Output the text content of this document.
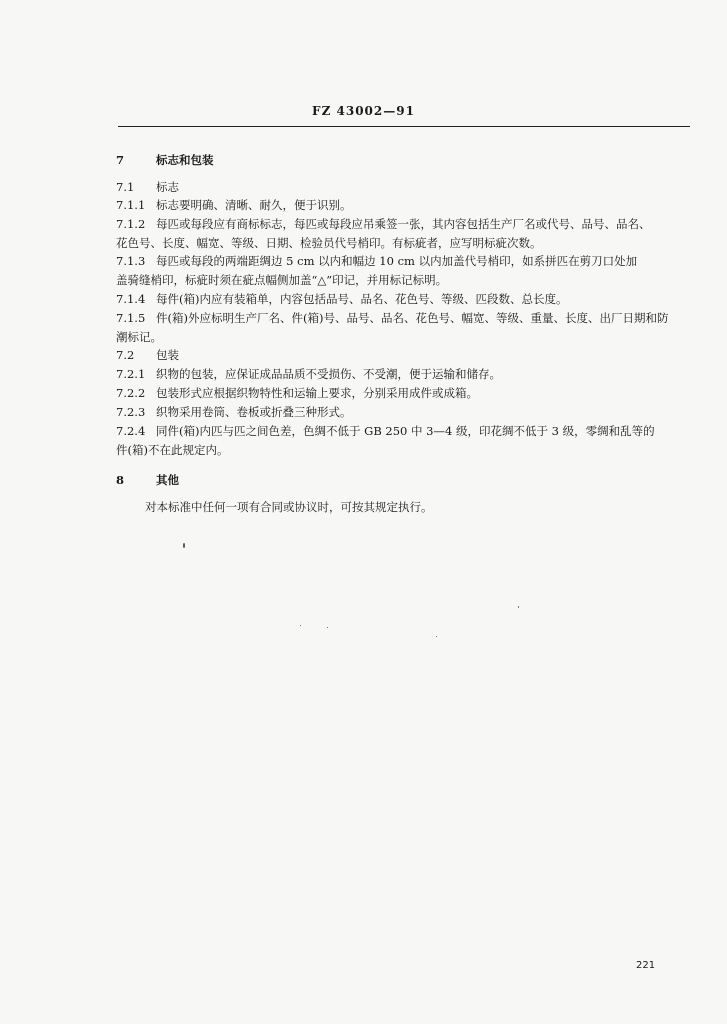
FZ 43002—91
7	标志和包装
7.1 标志
7.1.1 标志要明确、清晰、耐久，便于识别。
7.1.2 每匹或每段应有商标标志，每匹或每段应吊乘签一张，其内容包括生产厂名或代号、品号、品名、
花色号、长度、幅宽、等级、日期、检验员代号梢印。有标疵者，应写明标疵次数。
7.1.3 每匹或每段的两端距绸边 5 cm 以内和幅边 10 cm 以内加盖代号梢印，如系拼匹在剪刀口处加
盖骑缝梢印，标疵时须在疵点幅侧加盖“△”印记，并用标记标明。
7.1.4 每件(箱)内应有装箱单，内容包括品号、品名、花色号、等级、匹段数、总长度。
7.1.5 件(箱)外应标明生产厂名、件(箱)号、品号、品名、花色号、幅宽、等级、重量、长度、出厂日期和防
潮标记。
7.2 包装
7.2.1 织物的包装，应保证成品品质不受损伤、不受潮，便于运输和储存。
7.2.2 包装形式应根据织物特性和运输上要求，分别采用成件或成箱。
7.2.3 织物采用卷筒、卷板或折叠三种形式。
7.2.4 同件(箱)内匹与匹之间色差，色绸不低于 GB 250 中 3—4 级，印花绸不低于 3 级，零绸和乱等的
件(箱)不在此规定内。
8	其他
对本标准中任何一项有合同或协议时，可按其规定执行。
221
